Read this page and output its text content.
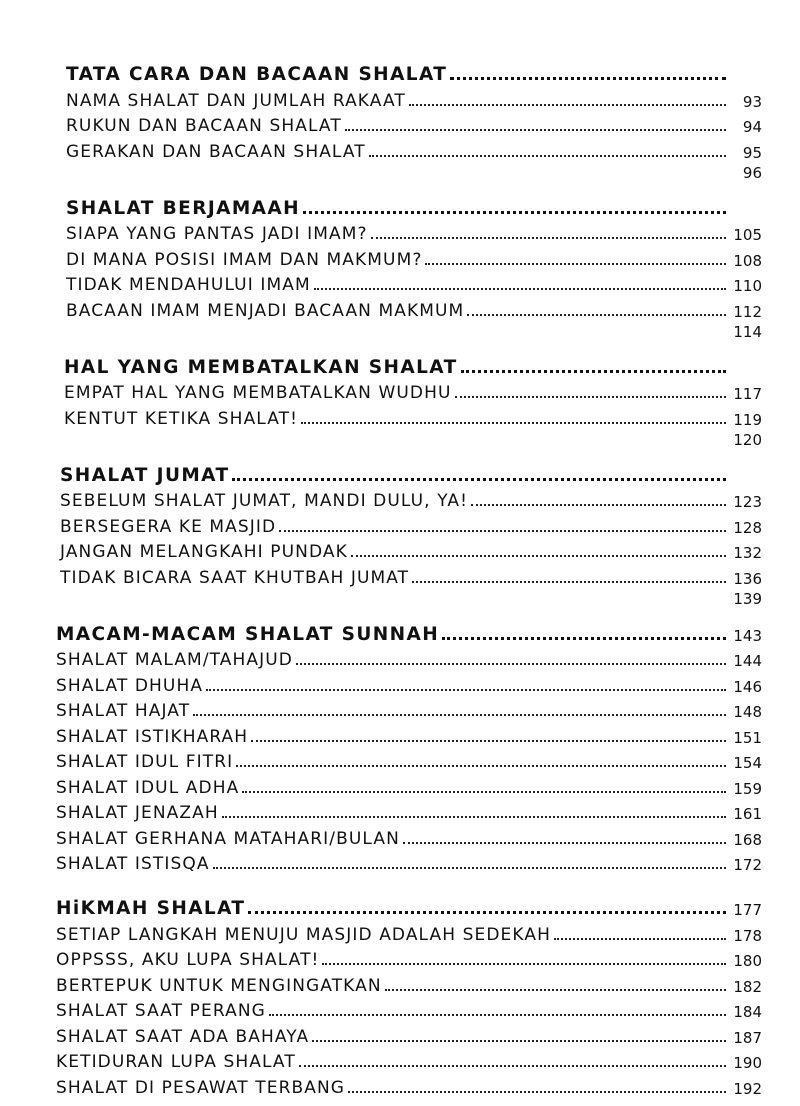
TATA CARA DAN BACAAN SHALAT
NAMA SHALAT DAN JUMLAH RAKAAT	93
RUKUN DAN BACAAN SHALAT	94
GERAKAN DAN BACAAN SHALAT	95
96
SHALAT BERJAMAAH
SIAPA YANG PANTAS JADI IMAM?	105
DI MANA POSISI IMAM DAN MAKMUM?	108
TIDAK MENDAHULUI IMAM	110
BACAAN IMAM MENJADI BACAAN MAKMUM	112
114
HAL YANG MEMBATALKAN SHALAT
EMPAT HAL YANG MEMBATALKAN WUDHU	117
KENTUT KETIKA SHALAT!	119
120
SHALAT JUMAT
SEBELUM SHALAT JUMAT, MANDI DULU, YA!	123
BERSEGERA KE MASJID	128
JANGAN MELANGKAHI PUNDAK	132
TIDAK BICARA SAAT KHUTBAH JUMAT	136
139
MACAM-MACAM SHALAT SUNNAH	143
SHALAT MALAM/TAHAJUD	144
SHALAT DHUHA	146
SHALAT HAJAT	148
SHALAT ISTIKHARAH	151
SHALAT IDUL FITRI	154
SHALAT IDUL ADHA	159
SHALAT JENAZAH	161
SHALAT GERHANA MATAHARI/BULAN	168
SHALAT ISTISQA	172
HiKMAH SHALAT	177
SETIAP LANGKAH MENUJU MASJID ADALAH SEDEKAH	178
OPPSSS, AKU LUPA SHALAT!	180
BERTEPUK UNTUK MENGINGATKAN	182
SHALAT SAAT PERANG	184
SHALAT SAAT ADA BAHAYA	187
KETIDURAN LUPA SHALAT	190
SHALAT DI PESAWAT TERBANG	192
